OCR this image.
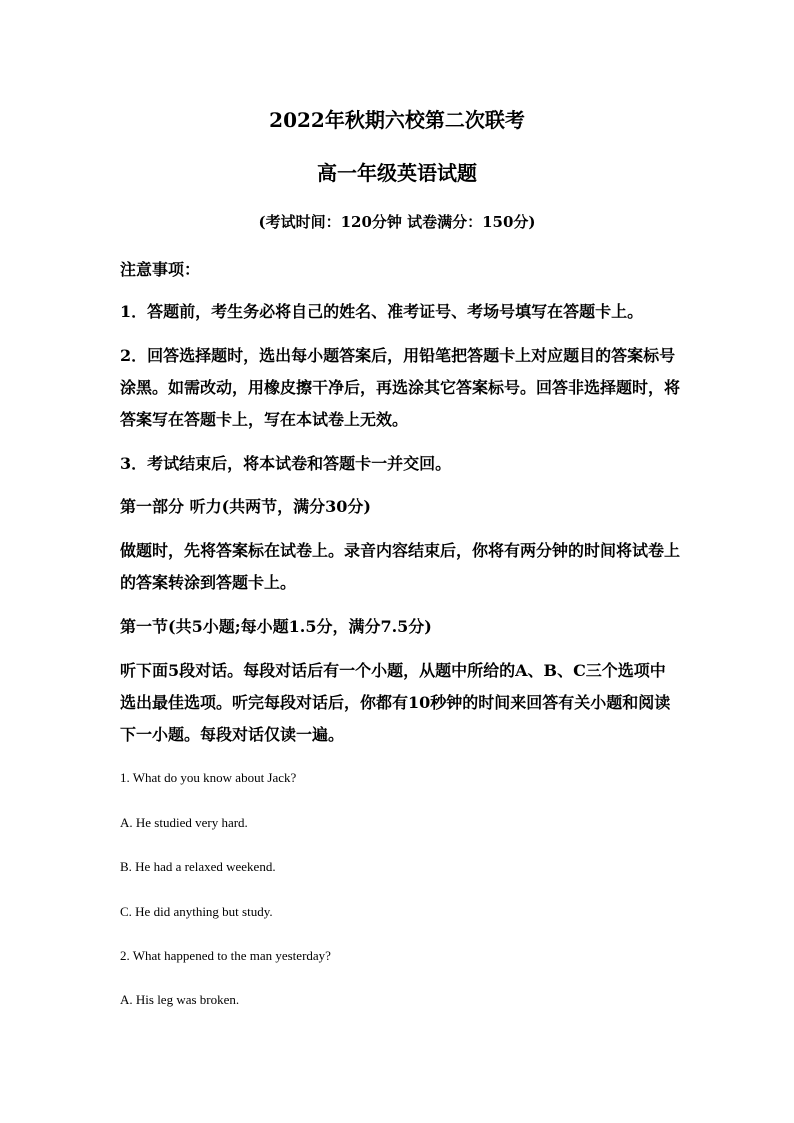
2022年秋期六校第二次联考
高一年级英语试题
(考试时间：120分钟 试卷满分：150分)
注意事项：
1．答题前，考生务必将自己的姓名、准考证号、考场号填写在答题卡上。
2．回答选择题时，选出每小题答案后，用铅笔把答题卡上对应题目的答案标号涂黑。如需改动，用橡皮擦干净后，再选涂其它答案标号。回答非选择题时，将答案写在答题卡上，写在本试卷上无效。
3．考试结束后，将本试卷和答题卡一并交回。
第一部分 听力(共两节，满分30分)
做题时，先将答案标在试卷上。录音内容结束后，你将有两分钟的时间将试卷上的答案转涂到答题卡上。
第一节(共5小题;每小题1.5分，满分7.5分)
听下面5段对话。每段对话后有一个小题，从题中所给的A、B、C三个选项中选出最佳选项。听完每段对话后，你都有10秒钟的时间来回答有关小题和阅读下一小题。每段对话仅读一遍。
1. What do you know about Jack?
A. He studied very hard.
B. He had a relaxed weekend.
C. He did anything but study.
2. What happened to the man yesterday?
A. His leg was broken.
